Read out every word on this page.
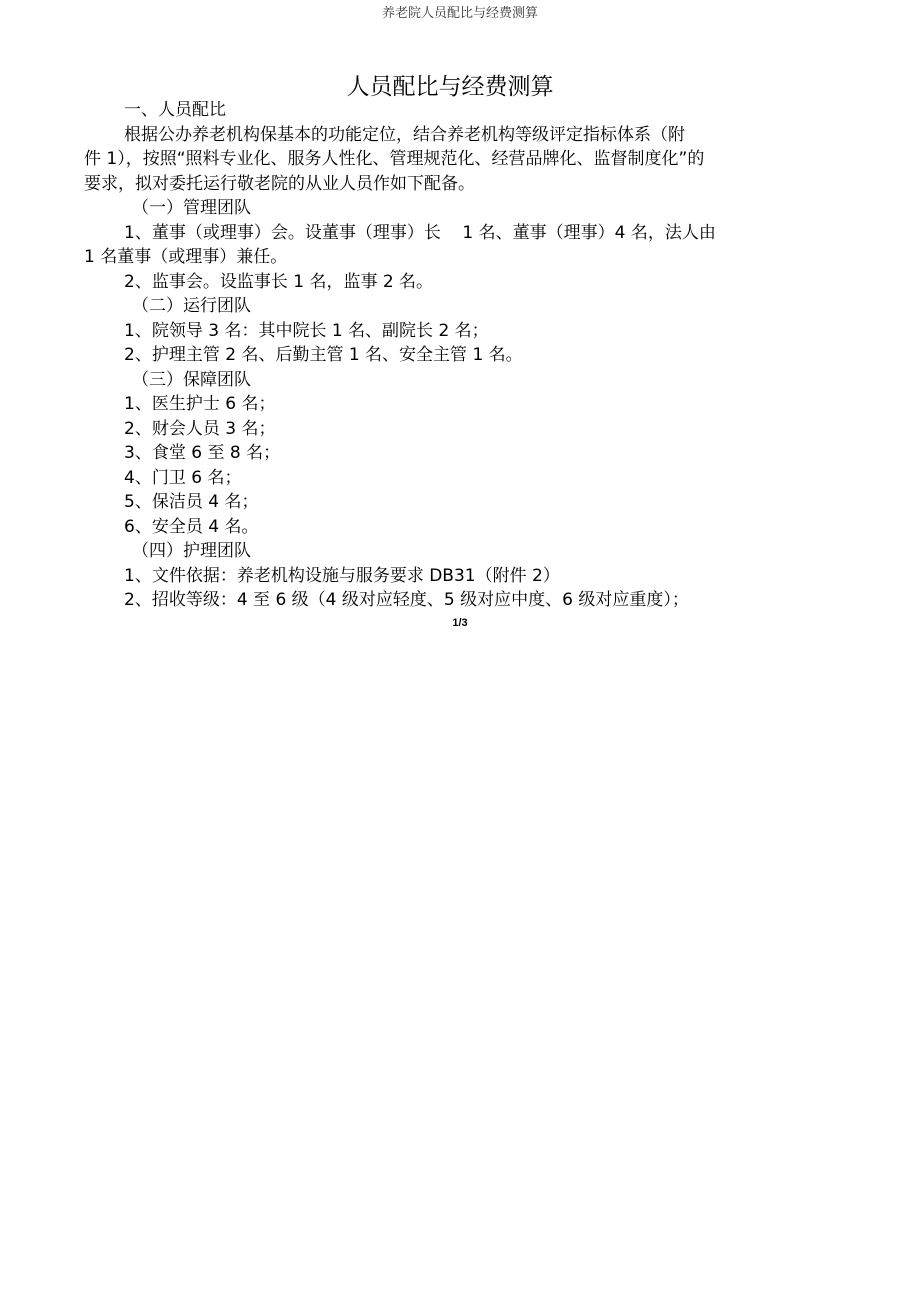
养老院人员配比与经费测算
人员配比与经费测算
一、人员配比
根据公办养老机构保基本的功能定位，结合养老机构等级评定指标体系（附
件 1），按照“照料专业化、服务人性化、管理规范化、经营品牌化、监督制度化”的
要求，拟对委托运行敬老院的从业人员作如下配备。
（一）管理团队
1、董事（或理事）会。设董事（理事）长    1 名、董事（理事）4 名，法人由
1 名董事（或理事）兼任。
2、监事会。设监事长 1 名，监事 2 名。
（二）运行团队
1、院领导 3 名：其中院长 1 名、副院长 2 名；
2、护理主管 2 名、后勤主管 1 名、安全主管 1 名。
（三）保障团队
1、医生护士 6 名；
2、财会人员 3 名；
3、食堂 6 至 8 名；
4、门卫 6 名；
5、保洁员 4 名；
6、安全员 4 名。
（四）护理团队
1、文件依据：养老机构设施与服务要求 DB31（附件 2）
2、招收等级：4 至 6 级（4 级对应轻度、5 级对应中度、6 级对应重度）；
1/3
